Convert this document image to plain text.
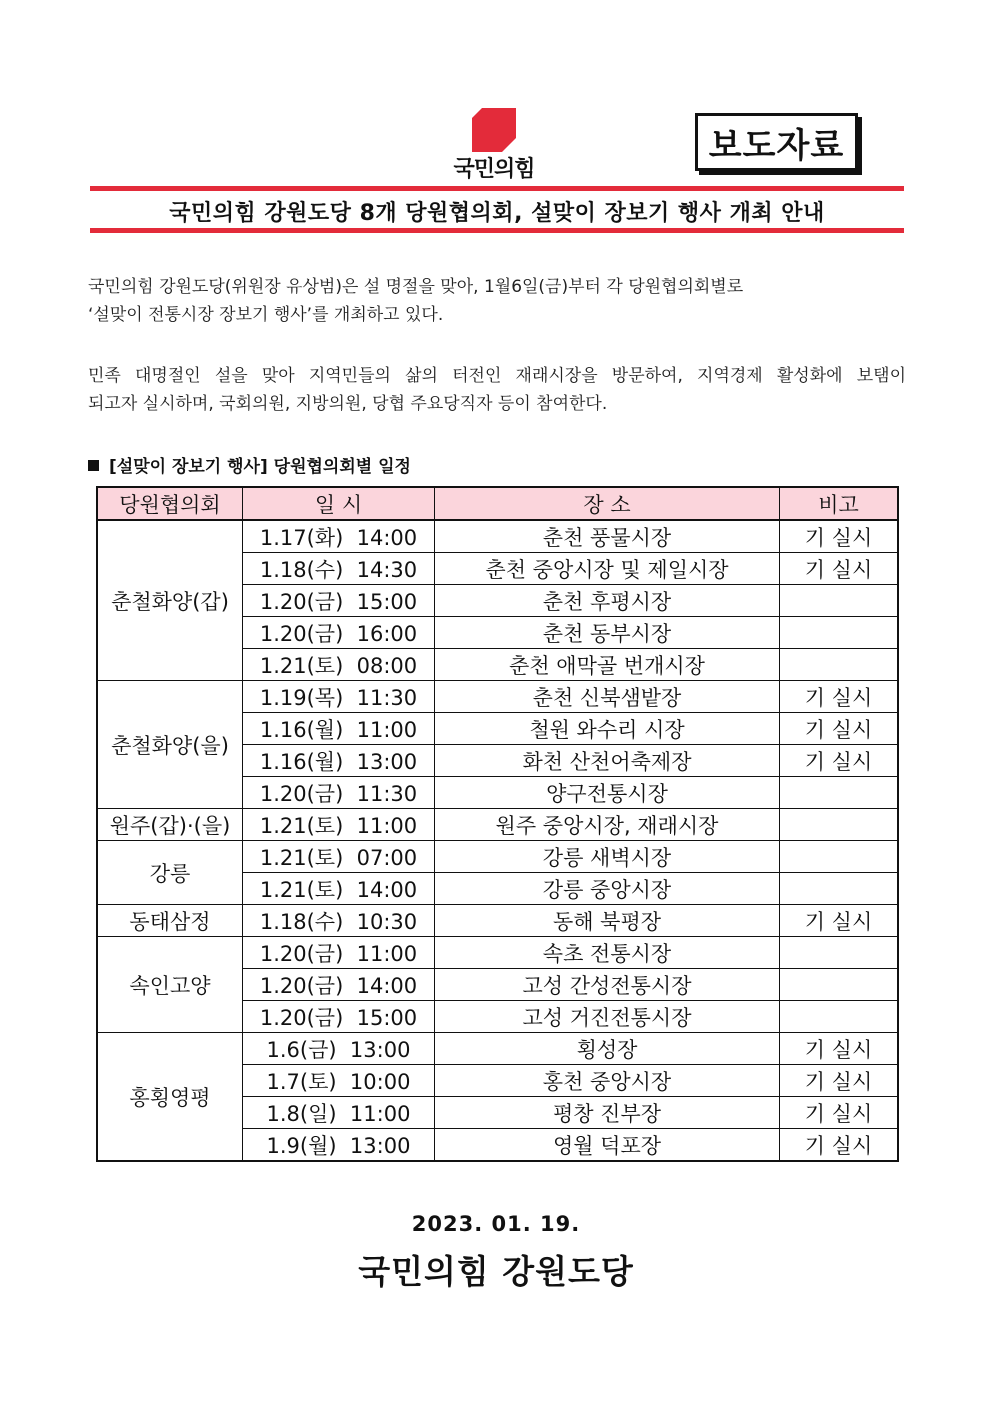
국민의힘
보도자료
국민의힘 강원도당 8개 당원협의회, 설맞이 장보기 행사 개최 안내
국민의힘 강원도당(위원장 유상범)은 설 명절을 맞아, 1월6일(금)부터 각 당원협의회별로
‘설맞이 전통시장 장보기 행사’를 개최하고 있다.
민족 대명절인 설을 맞아 지역민들의 삶의 터전인 재래시장을 방문하여, 지역경제 활성화에 보탬이
되고자 실시하며, 국회의원, 지방의원, 당협 주요당직자 등이 참여한다.
[설맞이 장보기 행사] 당원협의회별 일정
당원협의회	일 시	장 소	비고
춘철화양(갑)	1.17(화)  14:00	춘천 풍물시장	기 실시
	1.18(수)  14:30	춘천 중앙시장 및 제일시장	기 실시
	1.20(금)  15:00	춘천 후평시장	
	1.20(금)  16:00	춘천 동부시장	
	1.21(토)  08:00	춘천 애막골 번개시장	
춘철화양(을)	1.19(목)  11:30	춘천 신북샘밭장	기 실시
	1.16(월)  11:00	철원 와수리 시장	기 실시
	1.16(월)  13:00	화천 산천어축제장	기 실시
	1.20(금)  11:30	양구전통시장	
원주(갑)·(을)	1.21(토)  11:00	원주 중앙시장, 재래시장	
강릉	1.21(토)  07:00	강릉 새벽시장	
	1.21(토)  14:00	강릉 중앙시장	
동태삼정	1.18(수)  10:30	동해 북평장	기 실시
속인고양	1.20(금)  11:00	속초 전통시장	
	1.20(금)  14:00	고성 간성전통시장	
	1.20(금)  15:00	고성 거진전통시장	
홍횡영평	1.6(금)  13:00	횡성장	기 실시
	1.7(토)  10:00	홍천 중앙시장	기 실시
	1.8(일)  11:00	평창 진부장	기 실시
	1.9(월)  13:00	영월 덕포장	기 실시
2023. 01. 19.
국민의힘 강원도당
